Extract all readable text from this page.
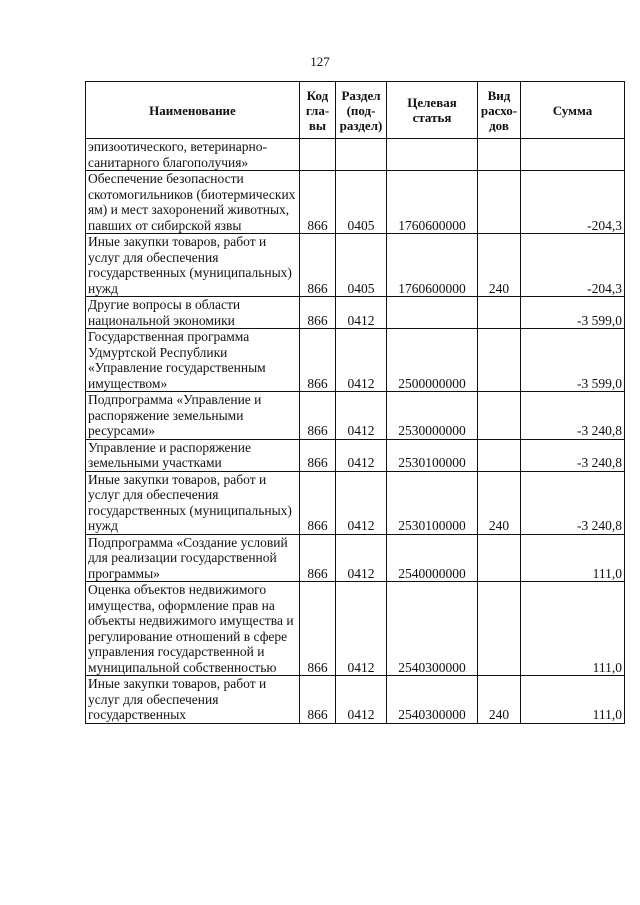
127
Наименование	Код гла- вы	Раздел (под- раздел)	Целевая статья	Вид расхо- дов	Сумма
эпизоотического, ветеринарно-санитарного благополучия»					
Обеспечение безопасности скотомогильников (биотермических ям) и мест захоронений животных, павших от сибирской язвы	866	0405	1760600000		-204,3
Иные закупки товаров, работ и услуг для обеспечения государственных (муниципальных) нужд	866	0405	1760600000	240	-204,3
Другие вопросы в области национальной экономики	866	0412			-3 599,0
Государственная программа Удмуртской Республики «Управление государственным имуществом»	866	0412	2500000000		-3 599,0
Подпрограмма «Управление и распоряжение земельными ресурсами»	866	0412	2530000000		-3 240,8
Управление и распоряжение земельными участками	866	0412	2530100000		-3 240,8
Иные закупки товаров, работ и услуг для обеспечения государственных (муниципальных) нужд	866	0412	2530100000	240	-3 240,8
Подпрограмма «Создание условий для реализации государственной программы»	866	0412	2540000000		111,0
Оценка объектов недвижимого имущества, оформление прав на объекты недвижимого имущества и регулирование отношений в сфере управления государственной и муниципальной собственностью	866	0412	2540300000		111,0
Иные закупки товаров, работ и услуг для обеспечения государственных	866	0412	2540300000	240	111,0
